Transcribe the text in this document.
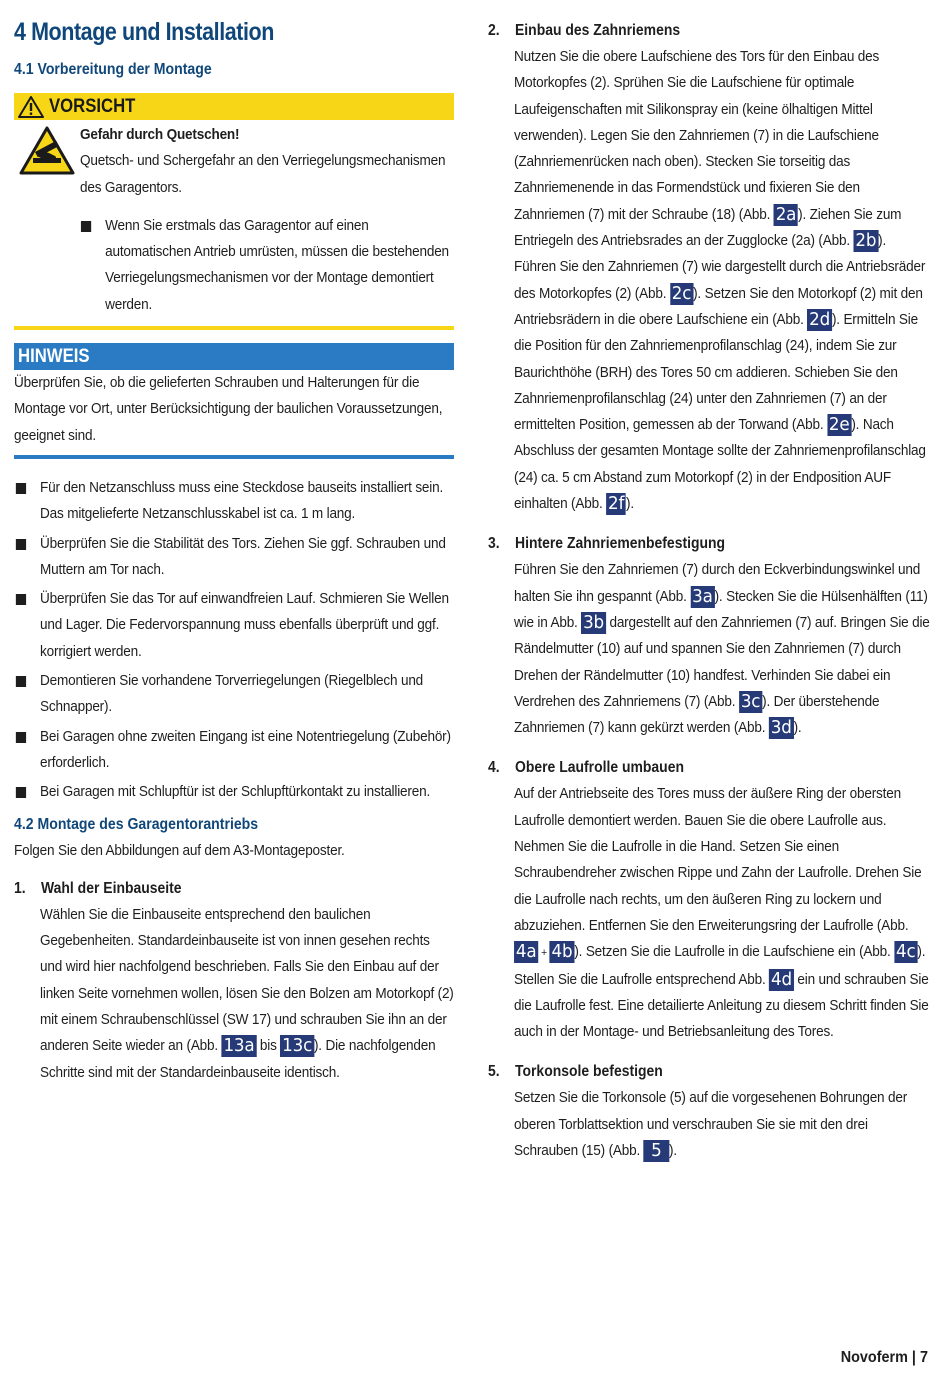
4 Montage und Installation
4.1 Vorbereitung der Montage
VORSICHT
Gefahr durch Quetschen!
Quetsch- und Schergefahr an den Verriegelungsmechanismen des Garagentors.
Wenn Sie erstmals das Garagentor auf einen automatischen Antrieb umrüsten, müssen die bestehenden Verriegelungsmechanismen vor der Montage demontiert werden.
HINWEIS
Überprüfen Sie, ob die gelieferten Schrauben und Halterungen für die Montage vor Ort, unter Berücksichtigung der baulichen Voraussetzungen, geeignet sind.
Für den Netzanschluss muss eine Steckdose bauseits installiert sein. Das mitgelieferte Netzanschlusskabel ist ca. 1 m lang.
Überprüfen Sie die Stabilität des Tors. Ziehen Sie ggf. Schrauben und Muttern am Tor nach.
Überprüfen Sie das Tor auf einwandfreien Lauf. Schmieren Sie Wellen und Lager. Die Federvorspannung muss ebenfalls überprüft und ggf. korrigiert werden.
Demontieren Sie vorhandene Torverriegelungen (Riegelblech und Schnapper).
Bei Garagen ohne zweiten Eingang ist eine Notentriegelung (Zubehör) erforderlich.
Bei Garagen mit Schlupftür ist der Schlupftürkontakt zu installieren.
4.2 Montage des Garagentorantriebs
Folgen Sie den Abbildungen auf dem A3-Montageposter.
1. Wahl der Einbauseite
Wählen Sie die Einbauseite entsprechend den baulichen Gegebenheiten. Standardeinbauseite ist von innen gesehen rechts und wird hier nachfolgend beschrieben. Falls Sie den Einbau auf der linken Seite vornehmen wollen, lösen Sie den Bolzen am Motorkopf (2) mit einem Schraubenschlüssel (SW 17) und schrauben Sie ihn an der anderen Seite wieder an (Abb. 13a bis 13c ). Die nachfolgenden Schritte sind mit der Standardeinbauseite identisch.
2. Einbau des Zahnriemens
Nutzen Sie die obere Laufschiene des Tors für den Einbau des Motorkopfes (2). Sprühen Sie die Laufschiene für optimale Laufeigenschaften mit Silikonspray ein (keine ölhaltigen Mittel verwenden). Legen Sie den Zahnriemen (7) in die Laufschiene (Zahnriemenrücken nach oben). Stecken Sie torseitig das Zahnriemenende in das Formendstück und fixieren Sie den Zahnriemen (7) mit der Schraube (18) (Abb. 2a ). Ziehen Sie zum Entriegeln des Antriebsrades an der Zugglocke (2a) (Abb. 2b ). Führen Sie den Zahnriemen (7) wie dargestellt durch die Antriebsräder des Motorkopfes (2) (Abb. 2c ). Setzen Sie den Motorkopf (2) mit den Antriebsrädern in die obere Laufschiene ein (Abb. 2d ). Ermitteln Sie die Position für den Zahnriemenprofilanschlag (24), indem Sie zur Baurichthöhe (BRH) des Tores 50 cm addieren. Schieben Sie den Zahnriemenprofilanschlag (24) unter den Zahnriemen (7) an der ermittelten Position, gemessen ab der Torwand (Abb. 2e ). Nach Abschluss der gesamten Montage sollte der Zahnriemenprofilanschlag (24) ca. 5 cm Abstand zum Motorkopf (2) in der Endposition AUF einhalten (Abb. 2f ).
3. Hintere Zahnriemenbefestigung
Führen Sie den Zahnriemen (7) durch den Eckverbindungswinkel und halten Sie ihn gespannt (Abb. 3a ). Stecken Sie die Hülsenhälften (11) wie in Abb. 3b dargestellt auf den Zahnriemen (7) auf. Bringen Sie die Rändelmutter (10) auf und spannen Sie den Zahnriemen (7) durch Drehen der Rändelmutter (10) handfest. Verhinden Sie dabei ein Verdrehen des Zahnriemens (7) (Abb. 3c ). Der überstehende Zahnriemen (7) kann gekürzt werden (Abb. 3d ).
4. Obere Laufrolle umbauen
Auf der Antriebseite des Tores muss der äußere Ring der obersten Laufrolle demontiert werden. Bauen Sie die obere Laufrolle aus. Nehmen Sie die Laufrolle in die Hand. Setzen Sie einen Schraubendreher zwischen Rippe und Zahn der Laufrolle. Drehen Sie die Laufrolle nach rechts, um den äußeren Ring zu lockern und abzuziehen. Entfernen Sie den Erweiterungsring der Laufrolle (Abb. 4a + 4b ). Setzen Sie die Laufrolle in die Laufschiene ein (Abb. 4c ). Stellen Sie die Laufrolle entsprechend Abb. 4d ein und schrauben Sie die Laufrolle fest. Eine detailierte Anleitung zu diesem Schritt finden Sie auch in der Montage- und Betriebsanleitung des Tores.
5. Torkonsole befestigen
Setzen Sie die Torkonsole (5) auf die vorgesehenen Bohrungen der oberen Torblattsektion und verschrauben Sie sie mit den drei Schrauben (15) (Abb. 5 ).
Novoferm | 7
